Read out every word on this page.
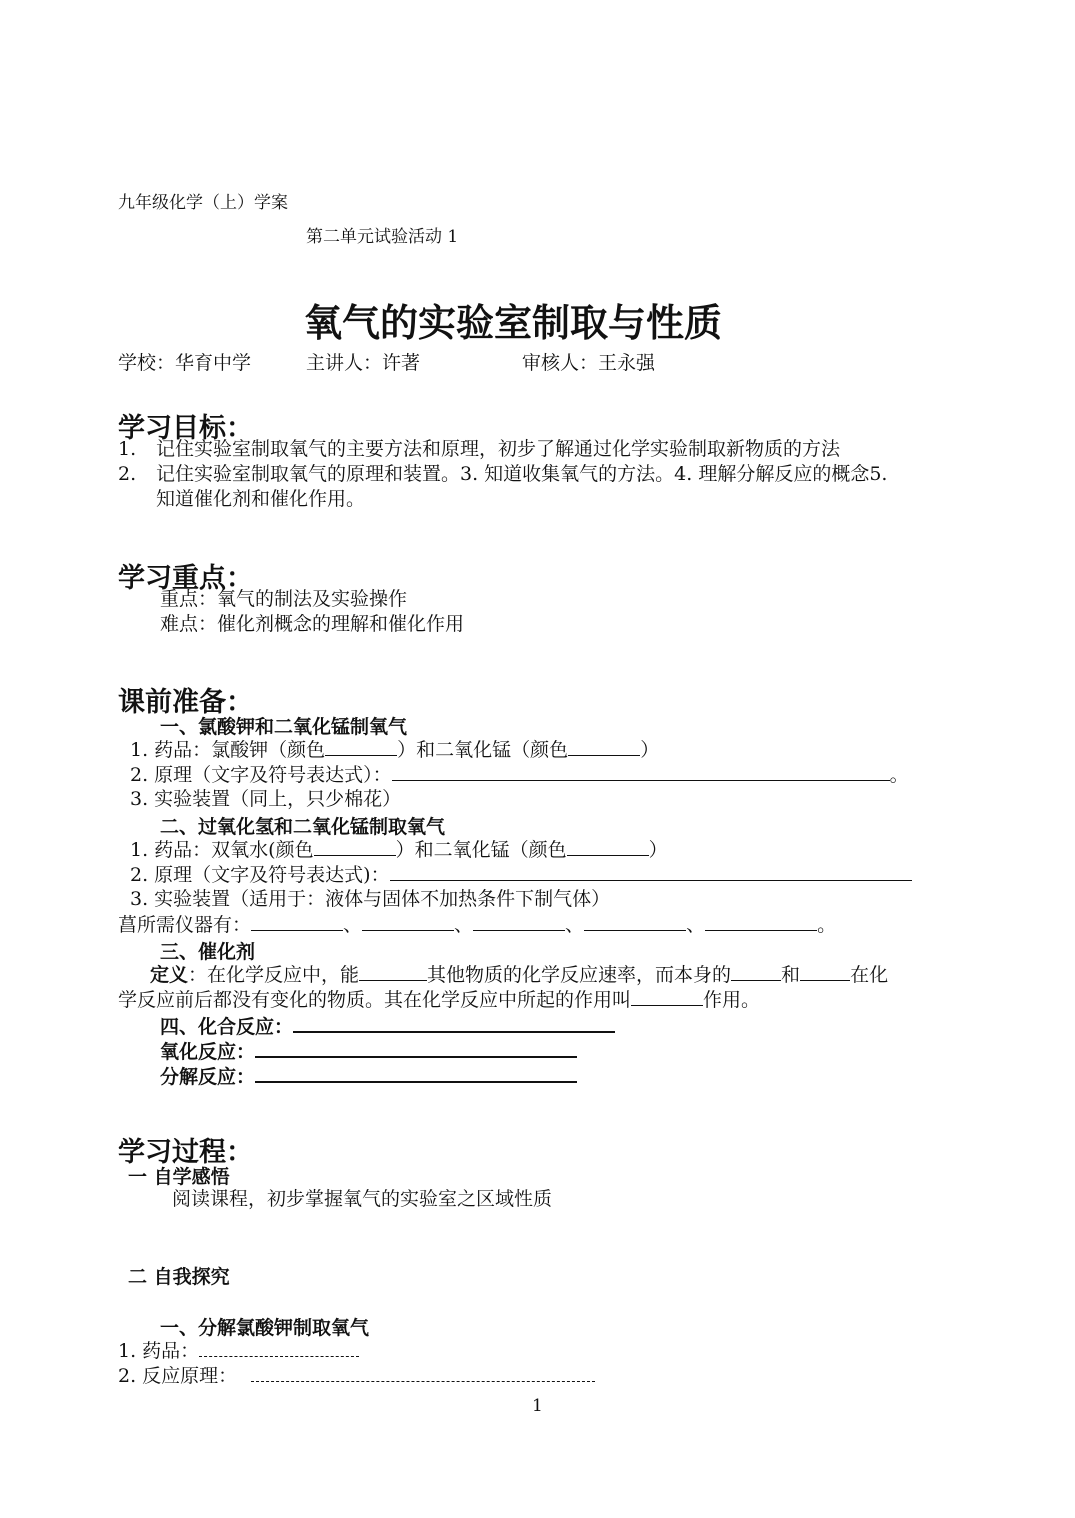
九年级化学（上）学案
第二单元试验活动 1
氧气的实验室制取与性质
学校：华育中学	主讲人：许著	审核人：王永强
学习目标：
1. 记住实验室制取氧气的主要方法和原理，初步了解通过化学实验制取新物质的方法
2. 记住实验室制取氧气的原理和装置。3. 知道收集氧气的方法。4. 理解分解反应的概念5.
知道催化剂和催化作用。
学习重点：
重点：氧气的制法及实验操作
难点：催化剂概念的理解和催化作用
课前准备：
一、氯酸钾和二氧化锰制氧气
1. 药品：氯酸钾（颜色	）和二氧化锰（颜色	）
2. 原理（文字及符号表达式）：	。
3. 实验装置（同上，只少棉花）
二、过氧化氢和二氧化锰制取氧气
1. 药品：双氧水(颜色	）和二氧化锰（颜色	）
2. 原理（文字及符号表达式)：
3. 实验装置（适用于：液体与固体不加热条件下制气体）
菖所需仪器有：	、	、	、	、	。
三、催化剂
定义：在化学反应中，能	其他物质的化学反应速率，而本身的	和	在化
学反应前后都没有变化的物质。其在化学反应中所起的作用叫	作用。
四、化合反应：
氧化反应：
分解反应：
学习过程：
一 自学感悟
阅读课程，初步掌握氧气的实验室之区域性质
二 自我探究
一、分解氯酸钾制取氧气
1. 药品：
2. 反应原理：
1
